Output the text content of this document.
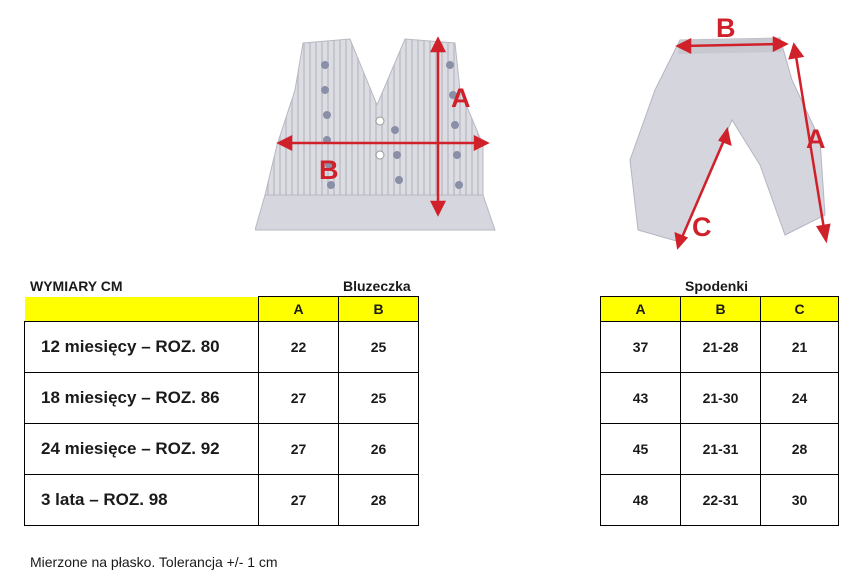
A
B
B
A
C
WYMIARY CM	Bluzeczka	Spodenki
	A	B
12 miesięcy – ROZ. 80	22	25
18 miesięcy – ROZ. 86	27	25
24 miesięce – ROZ. 92	27	26
3 lata – ROZ. 98	27	28
A	B	C
37	21-28	21
43	21-30	24
45	21-31	28
48	22-31	30
Mierzone na płasko. Tolerancja +/- 1 cm
